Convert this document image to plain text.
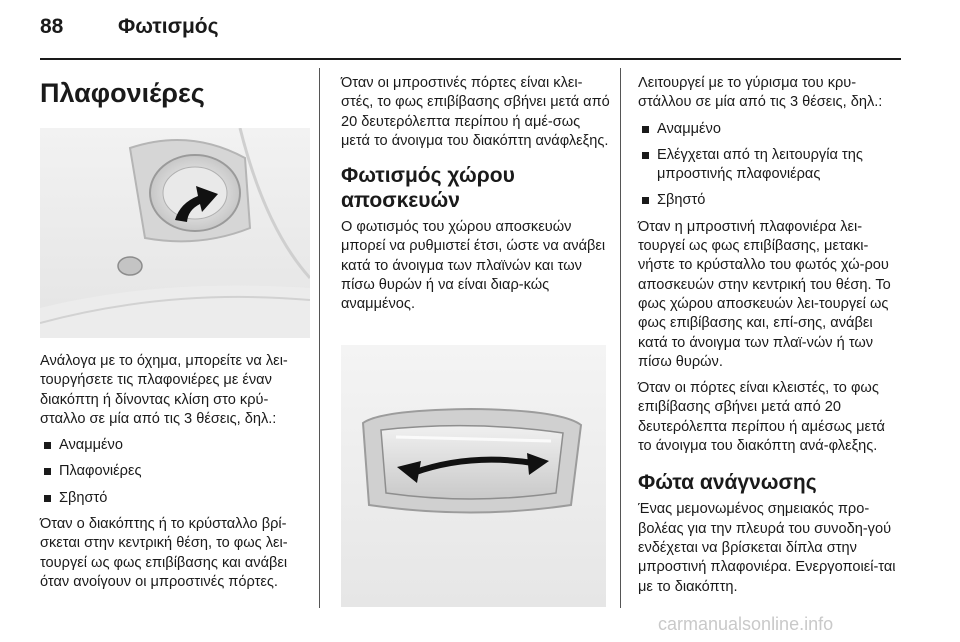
88	Φωτισμός
Πλαφονιέρες

Ανάλογα με το όχημα, μπορείτε να λει-τουργήσετε τις πλαφονιέρες με έναν διακόπτη ή δίνοντας κλίση στο κρύ-σταλλο σε μία από τις 3 θέσεις, δηλ.:

Αναμμένο
Πλαφονιέρες
Σβηστό

Όταν ο διακόπτης ή το κρύσταλλο βρί-σκεται στην κεντρική θέση, το φως λει-τουργεί ως φως επιβίβασης και ανάβει όταν ανοίγουν οι μπροστινές πόρτες.

Όταν οι μπροστινές πόρτες είναι κλει-στές, το φως επιβίβασης σβήνει μετά από 20 δευτερόλεπτα περίπου ή αμέ-σως μετά το άνοιγμα του διακόπτη ανάφλεξης.

Φωτισμός χώρου αποσκευών

Ο φωτισμός του χώρου αποσκευών μπορεί να ρυθμιστεί έτσι, ώστε να ανάβει κατά το άνοιγμα των πλαϊνών και των πίσω θυρών ή να είναι διαρ-κώς αναμμένος.

Λειτουργεί με το γύρισμα του κρυ-στάλλου σε μία από τις 3 θέσεις, δηλ.:

Αναμμένο
Ελέγχεται από τη λειτουργία της μπροστινής πλαφονιέρας
Σβηστό

Όταν η μπροστινή πλαφονιέρα λει-τουργεί ως φως επιβίβασης, μετακι-νήστε το κρύσταλλο του φωτός χώ-ρου αποσκευών στην κεντρική του θέση. Το φως χώρου αποσκευών λει-τουργεί ως φως επιβίβασης και, επί-σης, ανάβει κατά το άνοιγμα των πλαϊ-νών ή των πίσω θυρών.

Όταν οι πόρτες είναι κλειστές, το φως επιβίβασης σβήνει μετά από 20 δευτερόλεπτα περίπου ή αμέσως μετά το άνοιγμα του διακόπτη ανά-φλεξης.

Φώτα ανάγνωσης

Ένας μεμονωμένος σημειακός προ-βολέας για την πλευρά του συνοδη-γού ενδέχεται να βρίσκεται δίπλα στην μπροστινή πλαφονιέρα. Ενεργοποιεί-ται με το διακόπτη.

carmanualsonline.info
